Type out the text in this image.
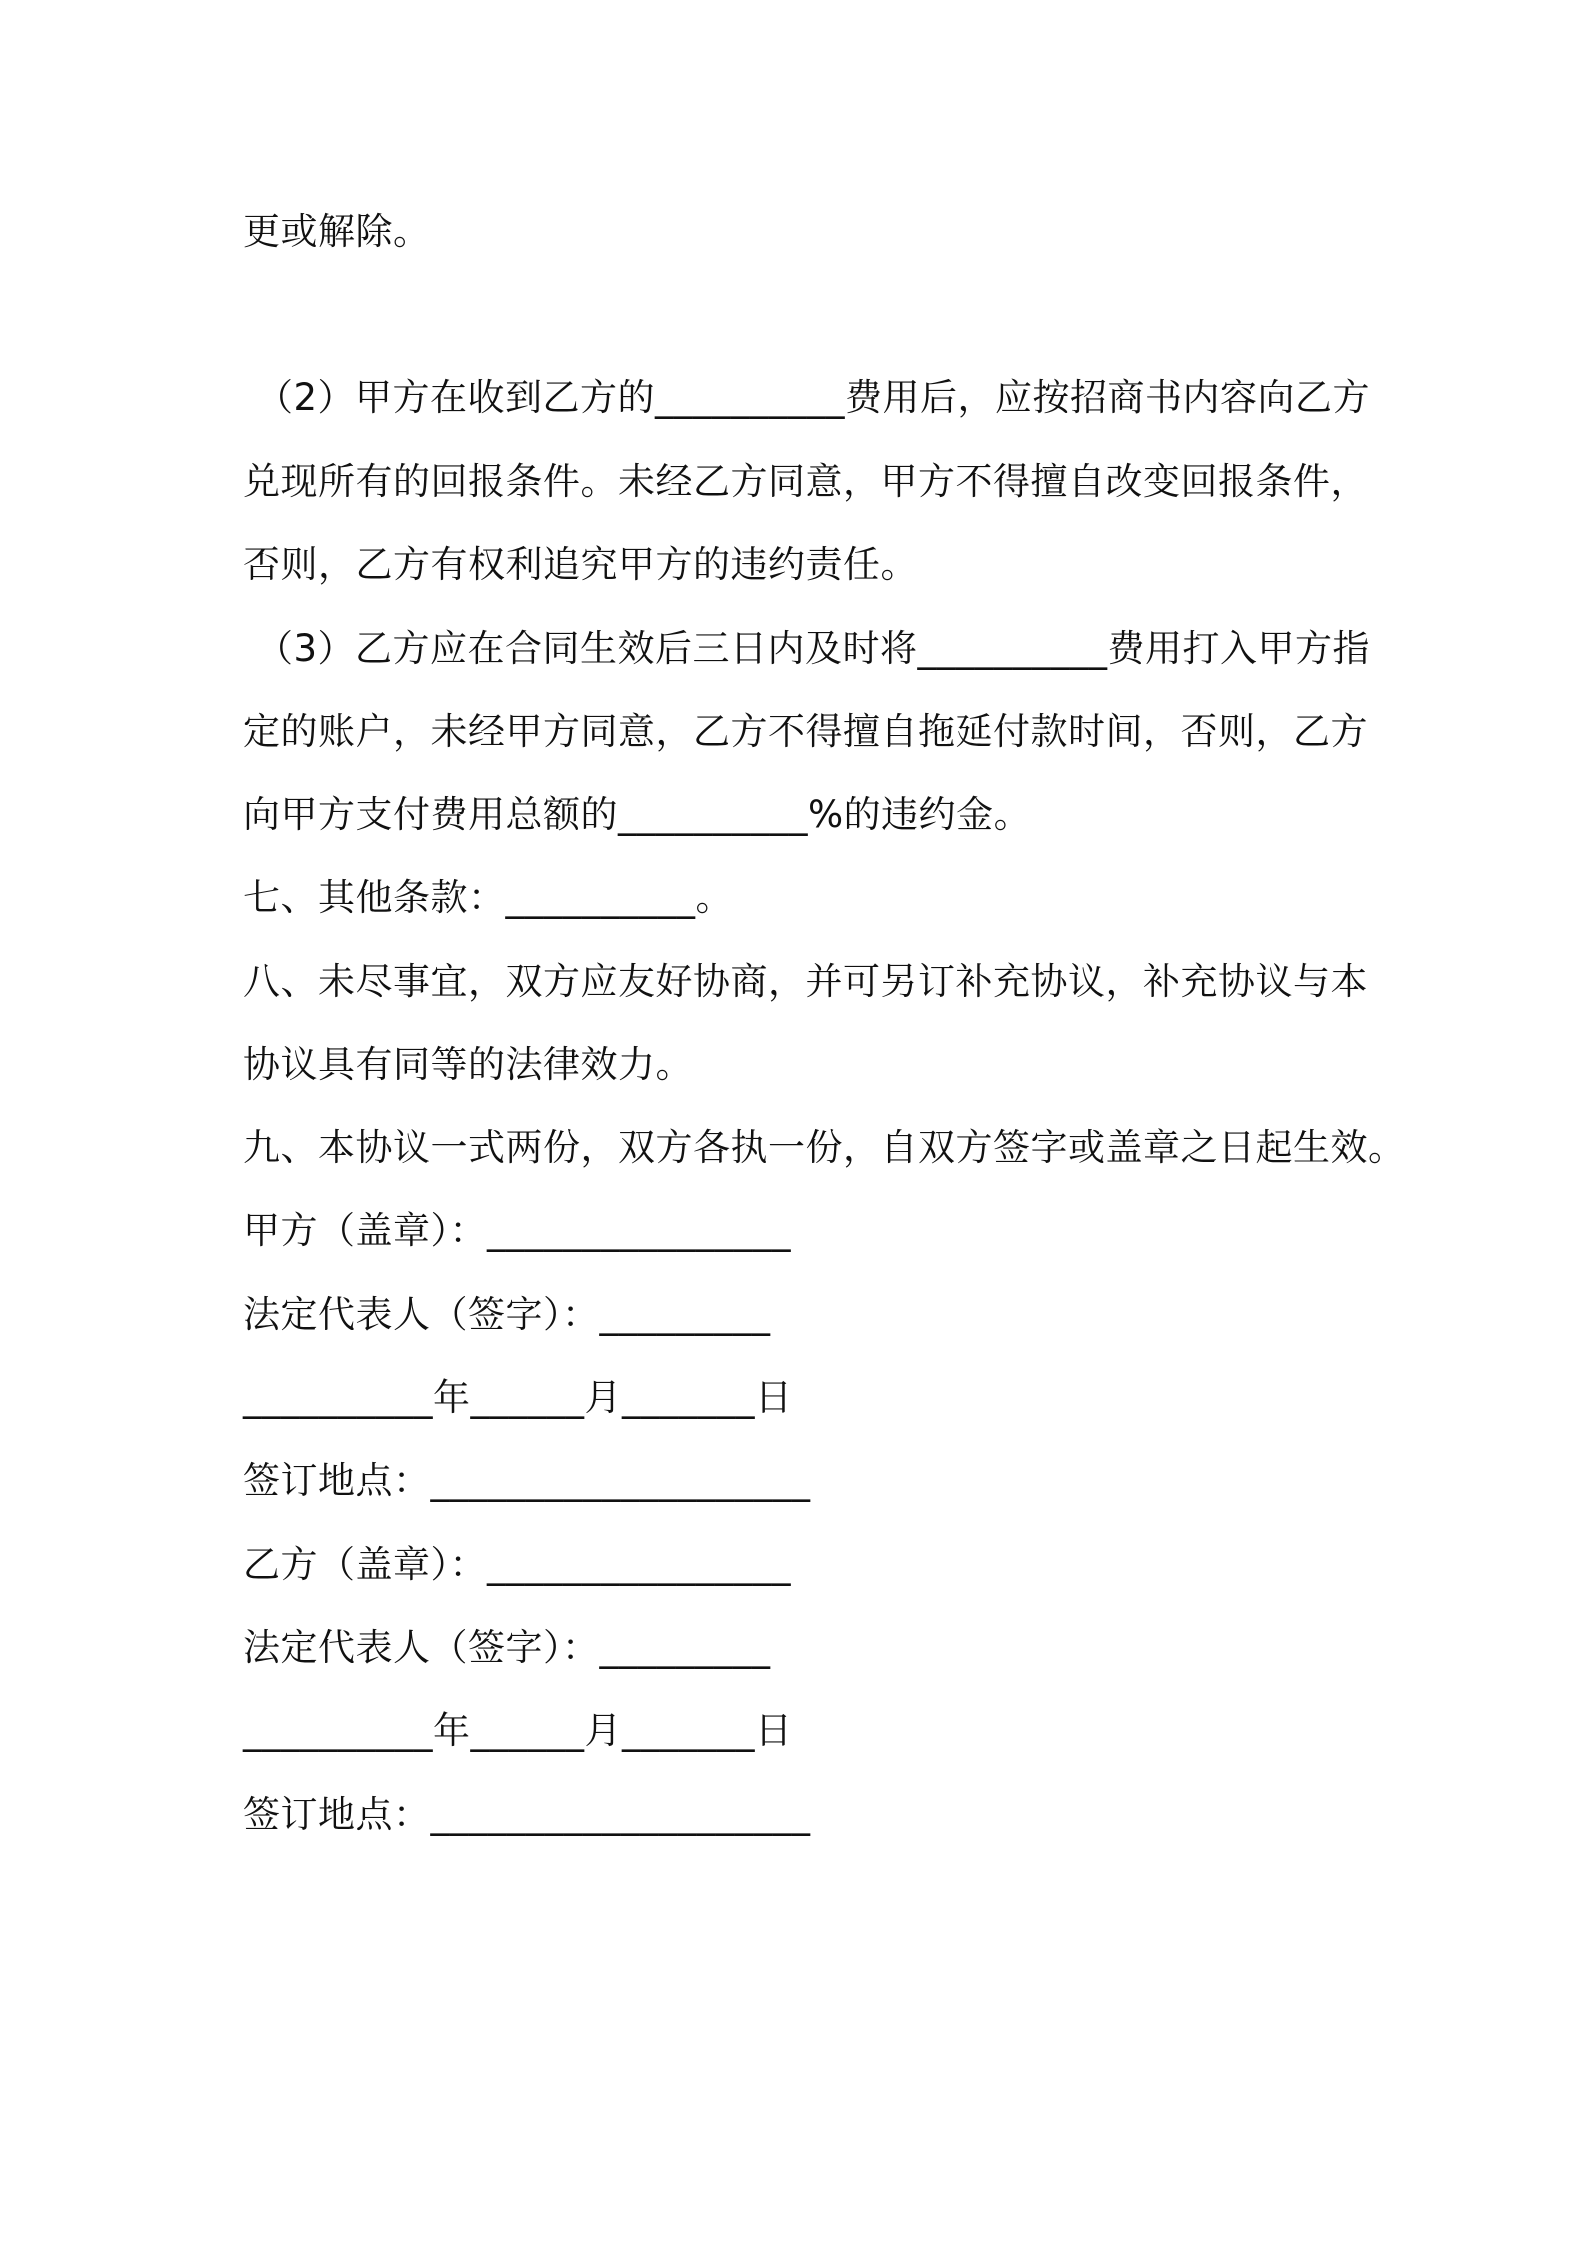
更或解除。

（2）甲方在收到乙方的__________费用后，应按招商书内容向乙方

兑现所有的回报条件。未经乙方同意，甲方不得擅自改变回报条件，

否则，乙方有权利追究甲方的违约责任。

（3）乙方应在合同生效后三日内及时将__________费用打入甲方指

定的账户，未经甲方同意，乙方不得擅自拖延付款时间，否则，乙方

向甲方支付费用总额的__________%的违约金。

七、其他条款：__________。

八、未尽事宜，双方应友好协商，并可另订补充协议，补充协议与本

协议具有同等的法律效力。

九、本协议一式两份，双方各执一份，自双方签字或盖章之日起生效。

甲方（盖章）：________________

法定代表人（签字）：_________

__________年______月_______日

签订地点：____________________

乙方（盖章）：________________

法定代表人（签字）：_________

__________年______月_______日

签订地点：____________________
